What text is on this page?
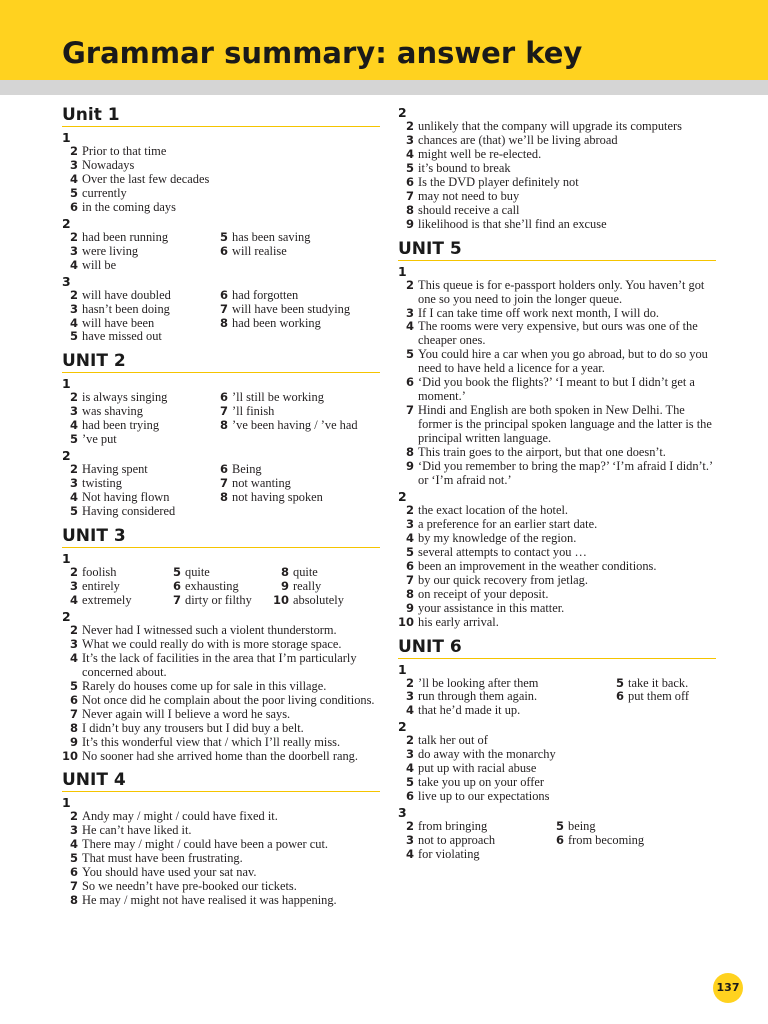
Grammar summary: answer key
Unit 1
1
2 Prior to that time
3 Nowadays
4 Over the last few decades
5 currently
6 in the coming days
2
2 had been running	5 has been saving
3 were living	6 will realise
4 will be
3
2 will have doubled	6 had forgotten
3 hasn’t been doing	7 will have been studying
4 will have been	8 had been working
5 have missed out
UNIT 2
1
2 is always singing	6 ’ll still be working
3 was shaving	7 ’ll finish
4 had been trying	8 ’ve been having / ’ve had
5 ’ve put
2
2 Having spent	6 Being
3 twisting	7 not wanting
4 Not having flown	8 not having spoken
5 Having considered
UNIT 3
1
2 foolish	5 quite	8 quite
3 entirely	6 exhausting	9 really
4 extremely	7 dirty or filthy	10 absolutely
2
2 Never had I witnessed such a violent thunderstorm.
3 What we could really do with is more storage space.
4 It’s the lack of facilities in the area that I’m particularly concerned about.
5 Rarely do houses come up for sale in this village.
6 Not once did he complain about the poor living conditions.
7 Never again will I believe a word he says.
8 I didn’t buy any trousers but I did buy a belt.
9 It’s this wonderful view that / which I’ll really miss.
10 No sooner had she arrived home than the doorbell rang.
UNIT 4
1
2 Andy may / might / could have fixed it.
3 He can’t have liked it.
4 There may / might / could have been a power cut.
5 That must have been frustrating.
6 You should have used your sat nav.
7 So we needn’t have pre-booked our tickets.
8 He may / might not have realised it was happening.
2
2 unlikely that the company will upgrade its computers
3 chances are (that) we’ll be living abroad
4 might well be re-elected.
5 it’s bound to break
6 Is the DVD player definitely not
7 may not need to buy
8 should receive a call
9 likelihood is that she’ll find an excuse
UNIT 5
1
2 This queue is for e-passport holders only. You haven’t got one so you need to join the longer queue.
3 If I can take time off work next month, I will do.
4 The rooms were very expensive, but ours was one of the cheaper ones.
5 You could hire a car when you go abroad, but to do so you need to have held a licence for a year.
6 ‘Did you book the flights?’ ‘I meant to but I didn’t get a moment.’
7 Hindi and English are both spoken in New Delhi. The former is the principal spoken language and the latter is the principal written language.
8 This train goes to the airport, but that one doesn’t.
9 ‘Did you remember to bring the map?’ ‘I’m afraid I didn’t.’ or ‘I’m afraid not.’
2
2 the exact location of the hotel.
3 a preference for an earlier start date.
4 by my knowledge of the region.
5 several attempts to contact you …
6 been an improvement in the weather conditions.
7 by our quick recovery from jetlag.
8 on receipt of your deposit.
9 your assistance in this matter.
10 his early arrival.
UNIT 6
1
2 ’ll be looking after them	5 take it back.
3 run through them again.	6 put them off
4 that he’d made it up.
2
2 talk her out of
3 do away with the monarchy
4 put up with racial abuse
5 take you up on your offer
6 live up to our expectations
3
2 from bringing	5 being
3 not to approach	6 from becoming
4 for violating
137
